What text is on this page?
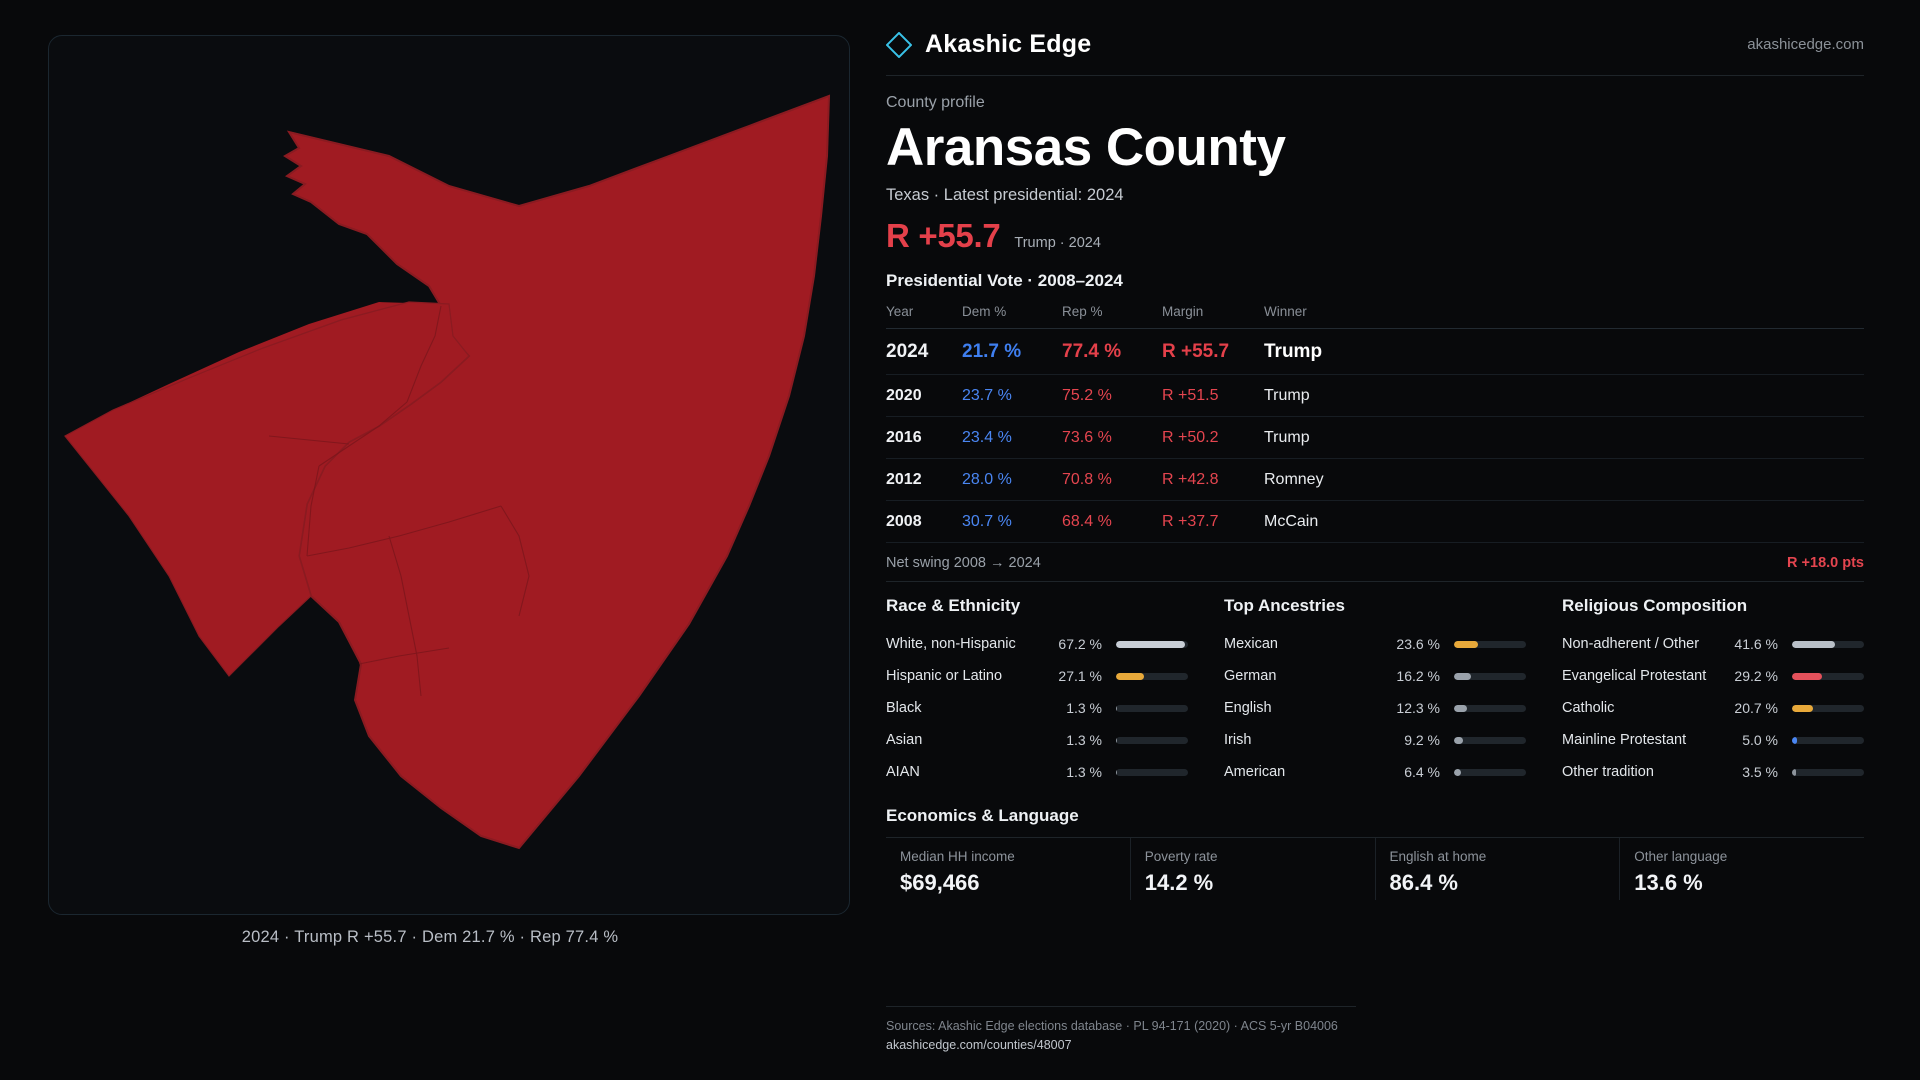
2024 · Trump R +55.7 · Dem 21.7 % · Rep 77.4 %
Akashic Edge	akashicedge.com
County profile
Aransas County
Texas · Latest presidential: 2024
R +55.7 Trump · 2024
Presidential Vote · 2008–2024
Year	Dem %	Rep %	Margin	Winner
2024	21.7 %	77.4 %	R +55.7	Trump
2020	23.7 %	75.2 %	R +51.5	Trump
2016	23.4 %	73.6 %	R +50.2	Trump
2012	28.0 %	70.8 %	R +42.8	Romney
2008	30.7 %	68.4 %	R +37.7	McCain
Net swing 2008 → 2024	R +18.0 pts
Race & Ethnicity
White, non-Hispanic	67.2 %
Hispanic or Latino	27.1 %
Black	1.3 %
Asian	1.3 %
AIAN	1.3 %
Top Ancestries
Mexican	23.6 %
German	16.2 %
English	12.3 %
Irish	9.2 %
American	6.4 %
Religious Composition
Non-adherent / Other	41.6 %
Evangelical Protestant	29.2 %
Catholic	20.7 %
Mainline Protestant	5.0 %
Other tradition	3.5 %
Economics & Language
Median HH income
$69,466
Poverty rate
14.2 %
English at home
86.4 %
Other language
13.6 %
Sources: Akashic Edge elections database · PL 94-171 (2020) · ACS 5-yr B04006
akashicedge.com/counties/48007
